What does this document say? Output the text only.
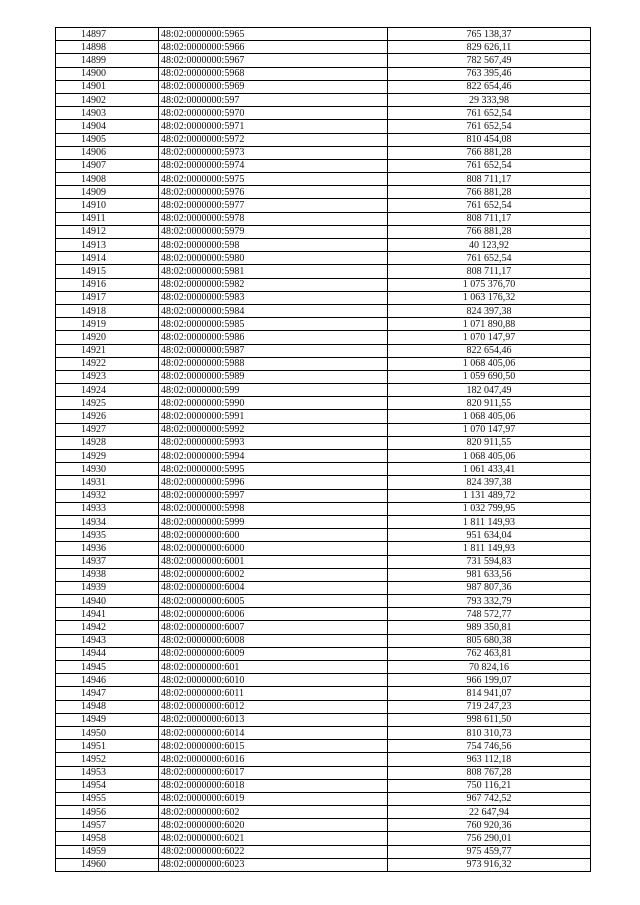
14897	48:02:0000000:5965	765 138,37
14898	48:02:0000000:5966	829 626,11
14899	48:02:0000000:5967	782 567,49
14900	48:02:0000000:5968	763 395,46
14901	48:02:0000000:5969	822 654,46
14902	48:02:0000000:597	29 333,98
14903	48:02:0000000:5970	761 652,54
14904	48:02:0000000:5971	761 652,54
14905	48:02:0000000:5972	810 454,08
14906	48:02:0000000:5973	766 881,28
14907	48:02:0000000:5974	761 652,54
14908	48:02:0000000:5975	808 711,17
14909	48:02:0000000:5976	766 881,28
14910	48:02:0000000:5977	761 652,54
14911	48:02:0000000:5978	808 711,17
14912	48:02:0000000:5979	766 881,28
14913	48:02:0000000:598	40 123,92
14914	48:02:0000000:5980	761 652,54
14915	48:02:0000000:5981	808 711,17
14916	48:02:0000000:5982	1 075 376,70
14917	48:02:0000000:5983	1 063 176,32
14918	48:02:0000000:5984	824 397,38
14919	48:02:0000000:5985	1 071 890,88
14920	48:02:0000000:5986	1 070 147,97
14921	48:02:0000000:5987	822 654,46
14922	48:02:0000000:5988	1 068 405,06
14923	48:02:0000000:5989	1 059 690,50
14924	48:02:0000000:599	182 047,49
14925	48:02:0000000:5990	820 911,55
14926	48:02:0000000:5991	1 068 405,06
14927	48:02:0000000:5992	1 070 147,97
14928	48:02:0000000:5993	820 911,55
14929	48:02:0000000:5994	1 068 405,06
14930	48:02:0000000:5995	1 061 433,41
14931	48:02:0000000:5996	824 397,38
14932	48:02:0000000:5997	1 131 489,72
14933	48:02:0000000:5998	1 032 799,95
14934	48:02:0000000:5999	1 811 149,93
14935	48:02:0000000:600	951 634,04
14936	48:02:0000000:6000	1 811 149,93
14937	48:02:0000000:6001	731 594,83
14938	48:02:0000000:6002	981 633,56
14939	48:02:0000000:6004	987 807,36
14940	48:02:0000000:6005	793 332,79
14941	48:02:0000000:6006	748 572,77
14942	48:02:0000000:6007	989 350,81
14943	48:02:0000000:6008	805 680,38
14944	48:02:0000000:6009	762 463,81
14945	48:02:0000000:601	70 824,16
14946	48:02:0000000:6010	966 199,07
14947	48:02:0000000:6011	814 941,07
14948	48:02:0000000:6012	719 247,23
14949	48:02:0000000:6013	998 611,50
14950	48:02:0000000:6014	810 310,73
14951	48:02:0000000:6015	754 746,56
14952	48:02:0000000:6016	963 112,18
14953	48:02:0000000:6017	808 767,28
14954	48:02:0000000:6018	750 116,21
14955	48:02:0000000:6019	967 742,52
14956	48:02:0000000:602	22 647,94
14957	48:02:0000000:6020	760 920,36
14958	48:02:0000000:6021	756 290,01
14959	48:02:0000000:6022	975 459,77
14960	48:02:0000000:6023	973 916,32
